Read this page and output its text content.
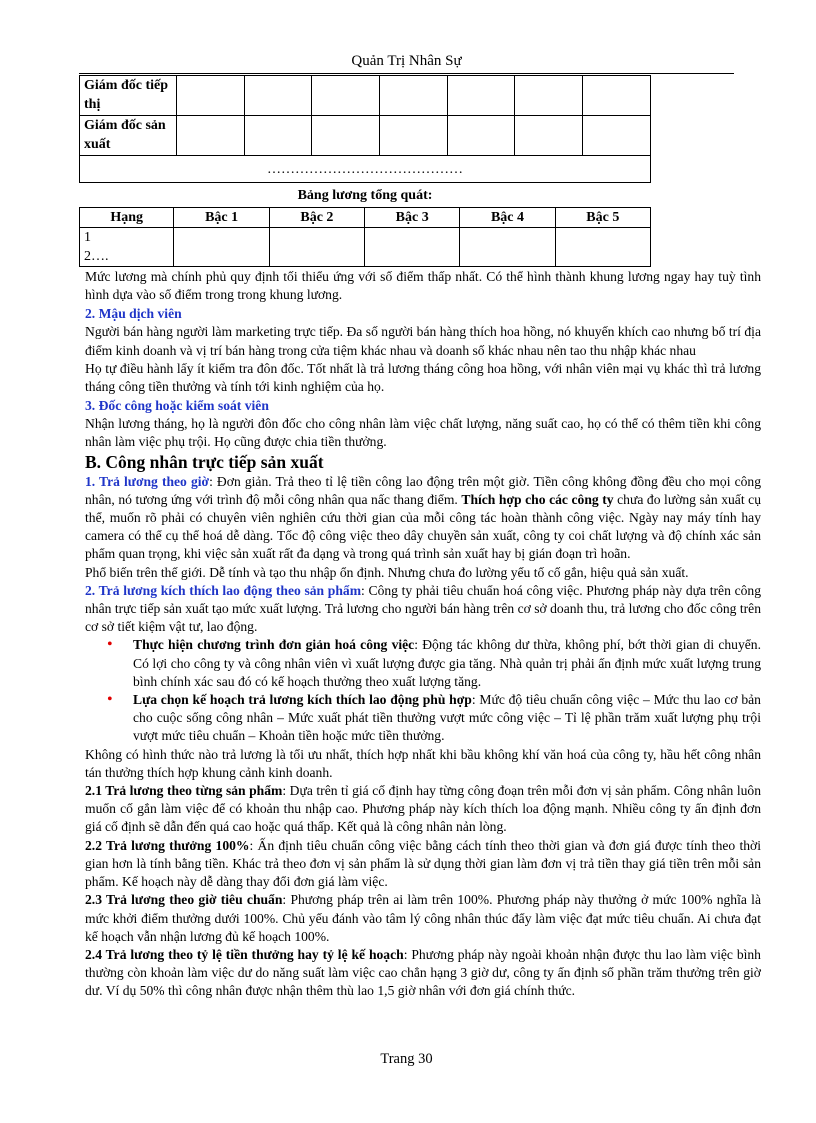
Quản Trị Nhân Sự
Giám đốc tiếp thị							
Giám đốc sản xuất							
……………………………………							
Bảng lương tổng quát:
Hạng	Bậc 1	Bậc 2	Bậc 3	Bậc 4	Bậc 5
1
2….					

Mức lương mà chính phủ quy định tối thiểu ứng với số điểm thấp nhất. Có thể hình thành khung lương ngay hay tuỳ tình hình dựa vào số điểm trong trong khung lương.

2. Mậu dịch viên

Người bán hàng người làm marketing trực tiếp. Đa số người bán hàng thích hoa hồng, nó khuyến khích cao nhưng bố trí địa điểm kinh doanh và vị trí bán hàng trong cửa tiệm khác nhau và doanh số khác nhau nên tao thu nhập khác nhau

Họ tự điều hành lấy ít kiểm tra đôn đốc. Tốt nhất là trả lương tháng công hoa hồng, với nhân viên mại vụ khác thì trả lương tháng công tiền thưởng và tính tới kinh nghiệm của họ.

3. Đốc công hoặc kiểm soát viên

Nhận lương tháng, họ là người đôn đốc cho công nhân làm việc chất lượng, năng suất cao, họ có thể có thêm tiền khi công nhân làm việc phụ trội. Họ cũng được chia tiền thưởng.

B. Công nhân trực tiếp sản xuất

1. Trả lương theo giờ: Đơn giản. Trả theo tỉ lệ tiền công lao động trên một giờ. Tiền công không đồng đều cho mọi công nhân, nó tương ứng với trình độ mỗi công nhân qua nấc thang điểm. Thích hợp cho các công ty chưa đo lường sản xuất cụ thể, muốn rõ phải có chuyên viên nghiên cứu thời gian của mỗi công tác hoàn thành công việc. Ngày nay máy tính hay camera có thể cụ thể hoá dễ dàng. Tốc độ công việc theo dây chuyền sản xuất, công ty coi chất lượng và độ chính xác sản phẩm quan trọng, khi việc sản xuất rất đa dạng và trong quá trình sản xuất hay bị gián đoạn trì hoãn.

Phổ biến trên thế giới. Dễ tính và tạo thu nhập ổn định. Nhưng chưa đo lường yếu tố cố gắn, hiệu quả sản xuất.

2. Trả lương kích thích lao động theo sản phẩm: Công ty phải tiêu chuẩn hoá công việc. Phương pháp này dựa trên công nhân trực tiếp sản xuất tạo mức xuất lượng. Trả lương cho người bán hàng trên cơ sở doanh thu, trả lương cho đốc công trên cơ sở tiết kiệm vật tư, lao động.

• Thực hiện chương trình đơn giản hoá công việc: Động tác không dư thừa, không phí, bớt thời gian di chuyển. Có lợi cho công ty và công nhân viên vì xuất lượng được gia tăng. Nhà quản trị phải ấn định mức xuất lượng trung bình chính xác sau đó có kế hoạch thưởng theo xuất lượng tăng.
• Lựa chọn kế hoạch trả lương kích thích lao động phù hợp: Mức độ tiêu chuẩn công việc – Mức thu lao cơ bản cho cuộc sống công nhân – Mức xuất phát tiền thưởng vượt mức công việc – Tỉ lệ phần trăm xuất lượng phụ trội vượt mức tiêu chuẩn – Khoản tiền hoặc mức tiền thưởng.

Không có hình thức nào trả lương là tối ưu nhất, thích hợp nhất khi bầu không khí văn hoá của công ty, hầu hết công nhân tán thưởng thích hợp khung cảnh kinh doanh.

2.1 Trả lương theo từng sản phẩm: Dựa trên tỉ giá cố định hay từng công đoạn trên mỗi đơn vị sản phẩm. Công nhân luôn muốn cố gắn làm việc để có khoản thu nhập cao. Phương pháp này kích thích loa động mạnh. Nhiều công ty ấn định đơn giá cố định sẽ dẫn đến quá cao hoặc quá thấp. Kết quả là công nhân nản lòng.

2.2 Trả lương thưởng 100%: Ấn định tiêu chuẩn công việc bằng cách tính theo thời gian và đơn giá được tính theo thời gian hơn là tính bằng tiền. Khác trả theo đơn vị sản phẩm là sử dụng thời gian làm đơn vị trả tiền thay giá tiền trên mỗi sản phẩm. Kế hoạch này dễ dàng thay đổi đơn giá làm việc.

2.3 Trả lương theo giờ tiêu chuẩn: Phương pháp trên ai làm trên 100%. Phương pháp này thưởng ở mức 100% nghĩa là mức khởi điểm thưởng dưới 100%. Chủ yếu đánh vào tâm lý công nhân thúc đẩy làm việc đạt mức tiêu chuẩn. Ai chưa đạt kế hoạch vẫn nhận lương đủ kế hoạch 100%.

2.4 Trả lương theo tỷ lệ tiền thưởng hay tỷ lệ kế hoạch: Phương pháp này ngoài khoản nhận được thu lao làm việc bình thường còn khoản làm việc dư do năng suất làm việc cao chẳn hạng 3 giờ dư, công ty ấn định số phần trăm thưởng trên giờ dư. Ví dụ 50% thì công nhân được nhận thêm thù lao 1,5 giờ nhân với đơn giá chính thức.

Trang 30
